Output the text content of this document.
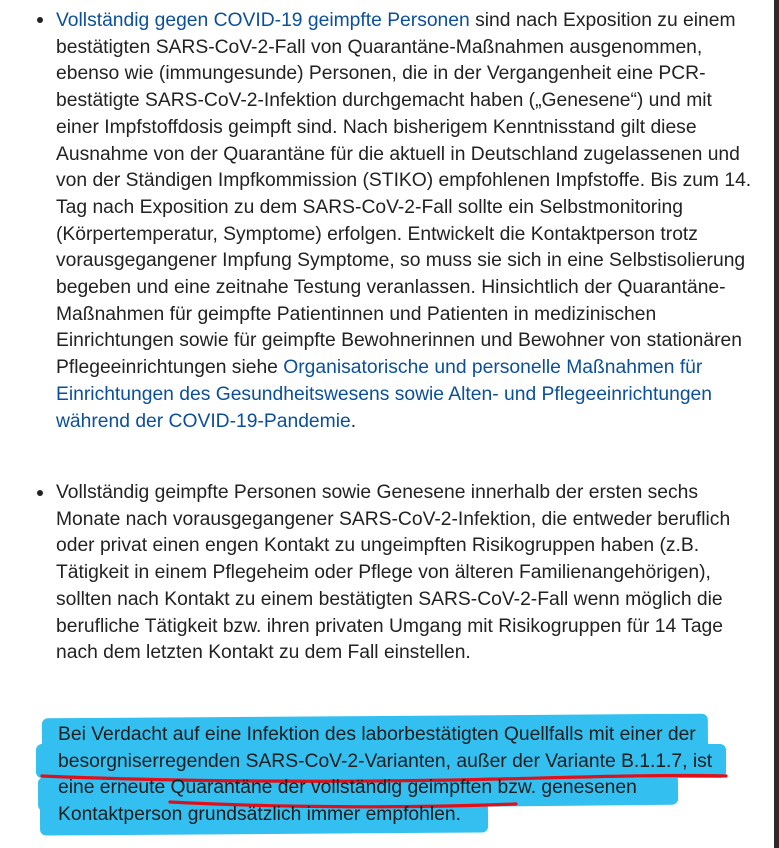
Vollständig gegen COVID-19 geimpfte Personen sind nach Exposition zu einem bestätigten SARS-CoV-2-Fall von Quarantäne-Maßnahmen ausgenommen, ebenso wie (immungesunde) Personen, die in der Vergangenheit eine PCR-bestätigte SARS-CoV-2-Infektion durchgemacht haben („Genesene“) und mit einer Impfstoffdosis geimpft sind. Nach bisherigem Kenntnisstand gilt diese Ausnahme von der Quarantäne für die aktuell in Deutschland zugelassenen und von der Ständigen Impfkommission (STIKO) empfohlenen Impfstoffe. Bis zum 14. Tag nach Exposition zu dem SARS-CoV-2-Fall sollte ein Selbstmonitoring (Körpertemperatur, Symptome) erfolgen. Entwickelt die Kontaktperson trotz vorausgegangener Impfung Symptome, so muss sie sich in eine Selbstisolierung begeben und eine zeitnahe Testung veranlassen. Hinsichtlich der Quarantäne-Maßnahmen für geimpfte Patientinnen und Patienten in medizinischen Einrichtungen sowie für geimpfte Bewohnerinnen und Bewohner von stationären Pflegeeinrichtungen siehe Organisatorische und personelle Maßnahmen für Einrichtungen des Gesundheitswesens sowie Alten- und Pflegeeinrichtungen während der COVID-19-Pandemie.

Vollständig geimpfte Personen sowie Genesene innerhalb der ersten sechs Monate nach vorausgegangener SARS-CoV-2-Infektion, die entweder beruflich oder privat einen engen Kontakt zu ungeimpften Risikogruppen haben (z.B. Tätigkeit in einem Pflegeheim oder Pflege von älteren Familienangehörigen), sollten nach Kontakt zu einem bestätigten SARS-CoV-2-Fall wenn möglich die berufliche Tätigkeit bzw. ihren privaten Umgang mit Risikogruppen für 14 Tage nach dem letzten Kontakt zu dem Fall einstellen.

Bei Verdacht auf eine Infektion des laborbestätigten Quellfalls mit einer der besorgniserregenden SARS-CoV-2-Varianten, außer der Variante B.1.1.7, ist eine erneute Quarantäne der vollständig geimpften bzw. genesenen Kontaktperson grundsätzlich immer empfohlen.
